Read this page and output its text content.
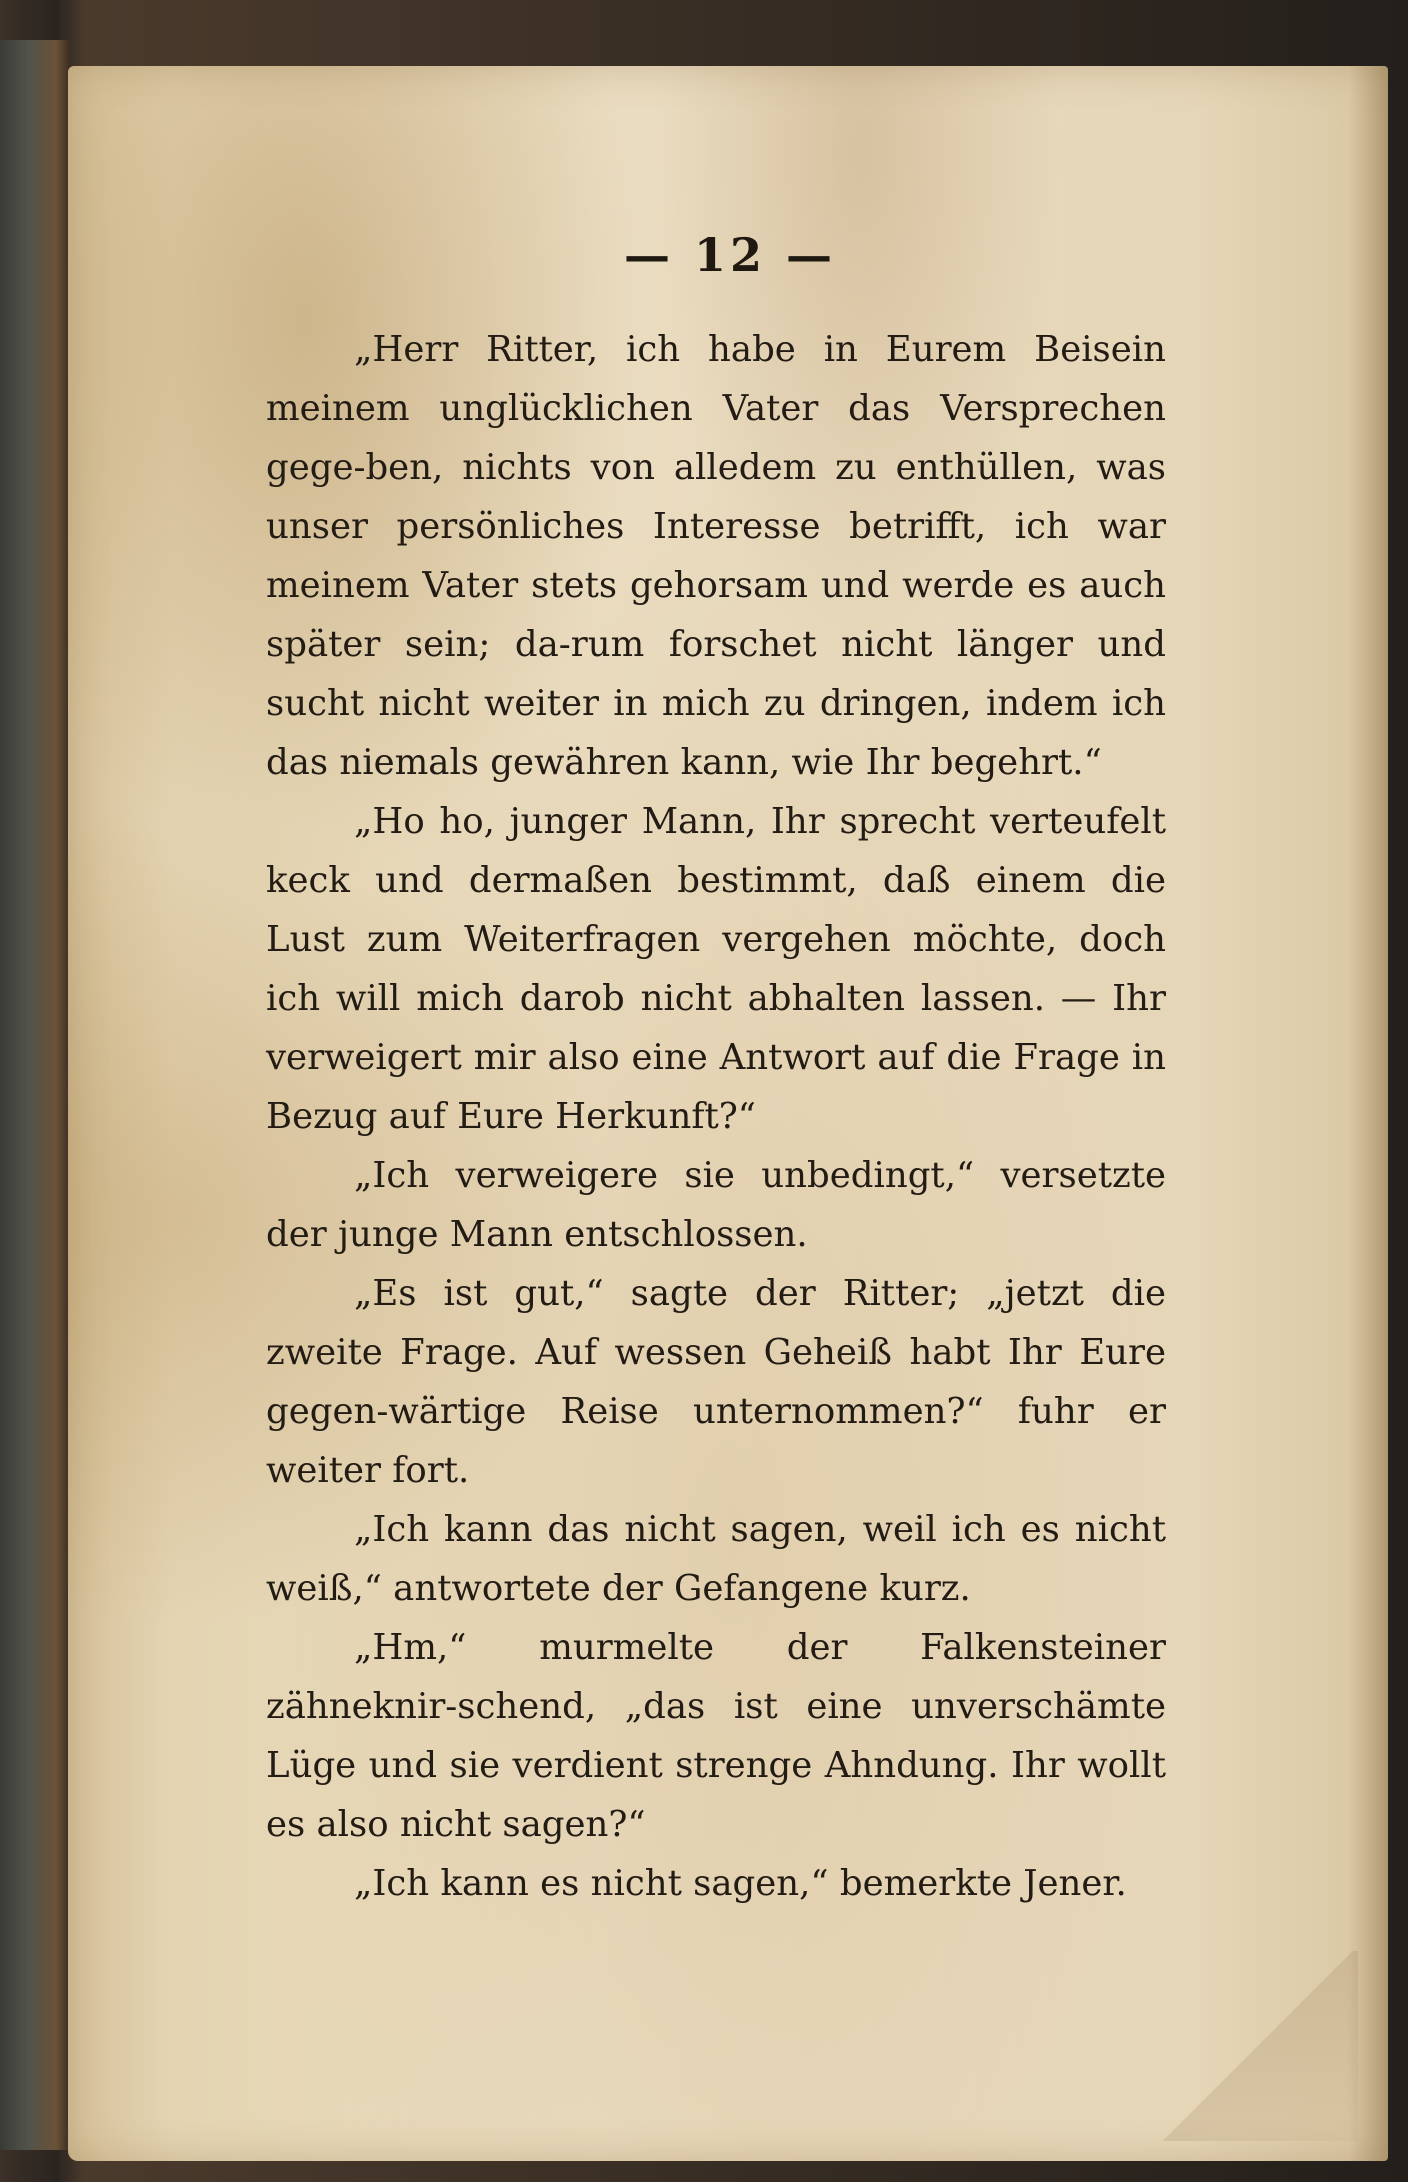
— 12 —

„Herr Ritter, ich habe in Eurem Beisein meinem unglücklichen Vater das Versprechen gege-ben, nichts von alledem zu enthüllen, was unser persönliches Interesse betrifft, ich war meinem Vater stets gehorsam und werde es auch später sein; da-rum forschet nicht länger und sucht nicht weiter in mich zu dringen, indem ich das niemals gewähren kann, wie Ihr begehrt.“

„Ho ho, junger Mann, Ihr sprecht verteufelt keck und dermaßen bestimmt, daß einem die Lust zum Weiterfragen vergehen möchte, doch ich will mich darob nicht abhalten lassen. — Ihr verweigert mir also eine Antwort auf die Frage in Bezug auf Eure Herkunft?“

„Ich verweigere sie unbedingt,“ versetzte der junge Mann entschlossen.

„Es ist gut,“ sagte der Ritter; „jetzt die zweite Frage. Auf wessen Geheiß habt Ihr Eure gegen-wärtige Reise unternommen?“ fuhr er weiter fort.

„Ich kann das nicht sagen, weil ich es nicht weiß,“ antwortete der Gefangene kurz.

„Hm,“ murmelte der Falkensteiner zähneknir-schend, „das ist eine unverschämte Lüge und sie verdient strenge Ahndung. Ihr wollt es also nicht sagen?“

„Ich kann es nicht sagen,“ bemerkte Jener.
